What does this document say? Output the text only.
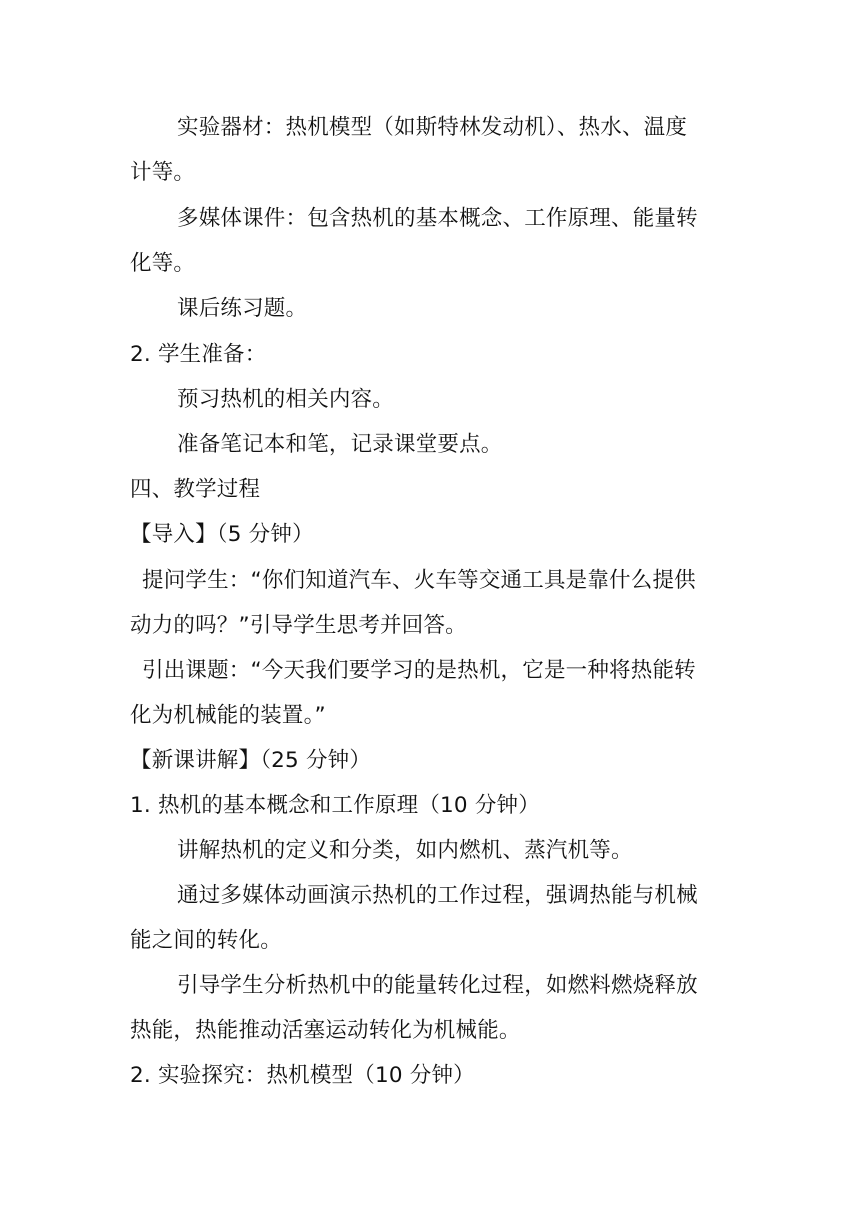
实验器材：热机模型（如斯特林发动机）、热水、温度
计等。
多媒体课件：包含热机的基本概念、工作原理、能量转
化等。
课后练习题。
2. 学生准备：
预习热机的相关内容。
准备笔记本和笔，记录课堂要点。
四、教学过程
【导入】（5 分钟）
提问学生：“你们知道汽车、火车等交通工具是靠什么提供
动力的吗？”引导学生思考并回答。
引出课题：“今天我们要学习的是热机，它是一种将热能转
化为机械能的装置。”
【新课讲解】（25 分钟）
1. 热机的基本概念和工作原理（10 分钟）
讲解热机的定义和分类，如内燃机、蒸汽机等。
通过多媒体动画演示热机的工作过程，强调热能与机械
能之间的转化。
引导学生分析热机中的能量转化过程，如燃料燃烧释放
热能，热能推动活塞运动转化为机械能。
2. 实验探究：热机模型（10 分钟）
